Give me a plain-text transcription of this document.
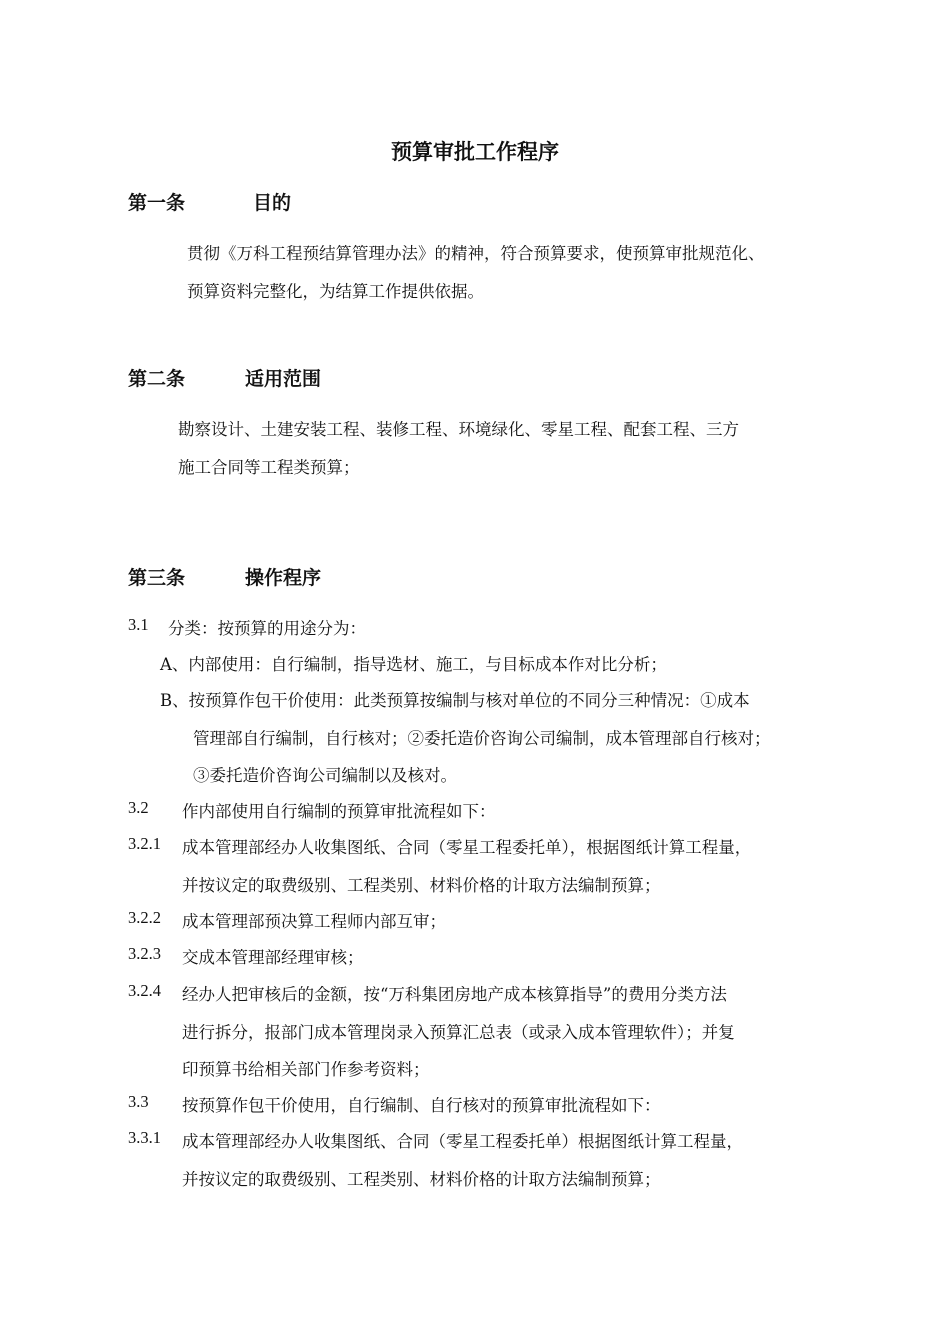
预算审批工作程序
第一条	目的
贯彻《万科工程预结算管理办法》的精神，符合预算要求，使预算审批规范化、
预算资料完整化，为结算工作提供依据。
第二条	适用范围
勘察设计、土建安装工程、装修工程、环境绿化、零星工程、配套工程、三方
施工合同等工程类预算；
第三条	操作程序
3.1 分类：按预算的用途分为：
A、内部使用：自行编制，指导选材、施工，与目标成本作对比分析；
B、按预算作包干价使用：此类预算按编制与核对单位的不同分三种情况：①成本
管理部自行编制，自行核对；②委托造价咨询公司编制，成本管理部自行核对；
③委托造价咨询公司编制以及核对。
3.2 作内部使用自行编制的预算审批流程如下：
3.2.1 成本管理部经办人收集图纸、合同（零星工程委托单），根据图纸计算工程量，
并按议定的取费级别、工程类别、材料价格的计取方法编制预算；
3.2.2 成本管理部预决算工程师内部互审；
3.2.3 交成本管理部经理审核；
3.2.4 经办人把审核后的金额，按“万科集团房地产成本核算指导”的费用分类方法
进行拆分，报部门成本管理岗录入预算汇总表（或录入成本管理软件）；并复
印预算书给相关部门作参考资料；
3.3 按预算作包干价使用，自行编制、自行核对的预算审批流程如下：
3.3.1 成本管理部经办人收集图纸、合同（零星工程委托单）根据图纸计算工程量，
并按议定的取费级别、工程类别、材料价格的计取方法编制预算；
